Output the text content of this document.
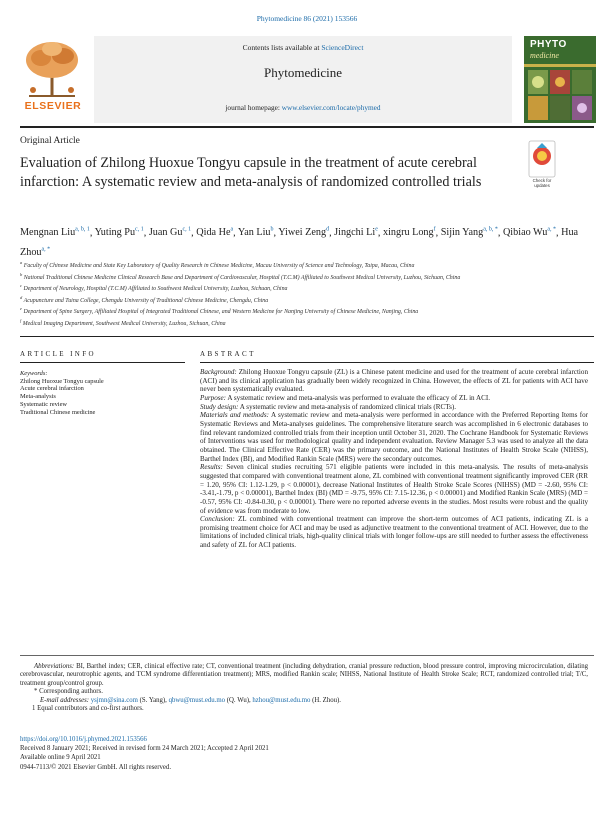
Phytomedicine 86 (2021) 153566
ELSEVIER
Contents lists available at ScienceDirect
Phytomedicine
journal homepage: www.elsevier.com/locate/phymed
PHYTO
medicine
Original Article
Evaluation of Zhilong Huoxue Tongyu capsule in the treatment of acute cerebral infarction: A systematic review and meta-analysis of randomized controlled trials	Check for
updates
Mengnan Liu$^{a, b, 1}$, Yuting Pu$^{c, 1}$, Juan Gu$^{c, 1}$, Qida He$^a$, Yan Liu$^b$, Yiwei Zeng$^d$, Jingchi Li$^e$, xingru Long$^f$, Sijin Yang$^{a, b, *}$, Qibiao $Wu^{a, *}$, Hua Zhou$^{a, *}$
$^a$ Faculty of Chinese Medicine and State Key Laboratory of Quality Research in Chinese Medicine, Macau University of Science and Technology, Taipa, Macau, China
$^b$ National Traditional Chinese Medicine Clinical Research Base and Department of Cardiovascular, Hospital (T.C.M) Affiliated to Southwest Medical University, Luzhou, Sichuan, China
$^c$ Department of Neurology, Hospital (T.C.M) Affiliated to Southwest Medical University, Luzhou, Sichuan, China
$^d$ Acupuncture and Tuina College, Chengdu University of Traditional Chinese Medicine, Chengdu, China
$^e$ Department of Spine Surgery, Affiliated Hospital of Integrated Traditional Chinese, and Western Medicine for Nanjing University of Chinese Medicine, Nanjing, China
$^f$ Medical Imaging Department, Southwest Medical University, Luzhou, Sichuan, China
ARTICLE INFO	ABSTRACT
Keywords:
Zhilong Huoxue Tongyu capsule
Acute cerebral infarction
Meta-analysis
Systematic review
Traditional Chinese medicine

Background: Zhilong Huoxue Tongyu capsule (ZL) is a Chinese patent medicine and used for the treatment of acute cerebral infarction (ACI) and its clinical application has gradually been widely recognized in China. However, the effects of ZL for patients with ACI have never been systematically evaluated.

Purpose: A systematic review and meta-analysis was performed to evaluate the efficacy of ZL in ACI.

Study design: A systematic review and meta-analysis of randomized clinical trials (RCTs).

Materials and methods: A systematic review and meta-analysis were performed in accordance with the Preferred Reporting Items for Systematic Reviews and Meta-analyses guidelines. The comprehensive literature search was accomplished in 6 electronic databases to find relevant randomized controlled trials from their inception until October 31, 2020. The Cochrane Handbook for Systematic Reviews of Interventions was used for methodological quality and independent evaluation. Review Manager 5.3 was used to analyze all the data obtained. The Clinical Effective Rate (CER) was the primary outcome, and the National Institutes of Health Stroke Scale (NIHSS), Barthel Index (BI), and Modified Rankin Scale (MRS) were the secondary outcomes.

Results: Seven clinical studies recruiting 571 eligible patients were included in this meta-analysis. The results of meta-analysis suggested that compared with conventional treatment alone, ZL combined with conventional treatment significantly improved CER (RR = 1.20, 95% CI: 1.12-1.29, p < 0.00001), decrease National Institutes of Health Stroke Scale Scores (NIHSS) (MD = -2.60, 95% CI: -3.41,-1.79, p < 0.00001), Barthel Index (BI) (MD = -9.75, 95% CI: 7.15-12.36, p < 0.00001) and Modified Rankin Scale (MRS) (MD = -0.57, 95% CI: -0.84-0.30, p < 0.00001). There were no reported adverse events in the studies. Most results were robust and the quality of evidence was from moderate to low.

Conclusion: ZL combined with conventional treatment can improve the short-term outcomes of ACI patients, indicating ZL is a promising treatment choice for ACI and may be used as adjunctive treatment to the conventional treatment of ACI. However, due to the limitations of included clinical trials, high-quality clinical trials with longer follow-ups are still needed to further assess the effectiveness and safety of ZL for ACI patients.

Abbreviations: BI, Barthel index; CER, clinical effective rate; CT, conventional treatment (including dehydration, cranial pressure reduction, blood pressure control, improving microcirculation, dilating cerebrovascular, neurotrophic agents, and TCM syndrome differentiation treatment); MRS, modified Rankin scale; NIHSS, National Institute of Health Stroke Scale; RCT, randomized controlled trial; T/C, treatment group/control group.

* Corresponding authors.

E-mail addresses: ysjmn@sina.com (S. Yang), qbwu@must.edu.mo (Q. Wu), hzhou@must.edu.mo (H. Zhou).

1 Equal contributors and co-first authors.

https://doi.org/10.1016/j.phymed.2021.153566
Received 8 January 2021; Received in revised form 24 March 2021; Accepted 2 April 2021
Available online 9 April 2021
0944-7113/© 2021 Elsevier GmbH. All rights reserved.
